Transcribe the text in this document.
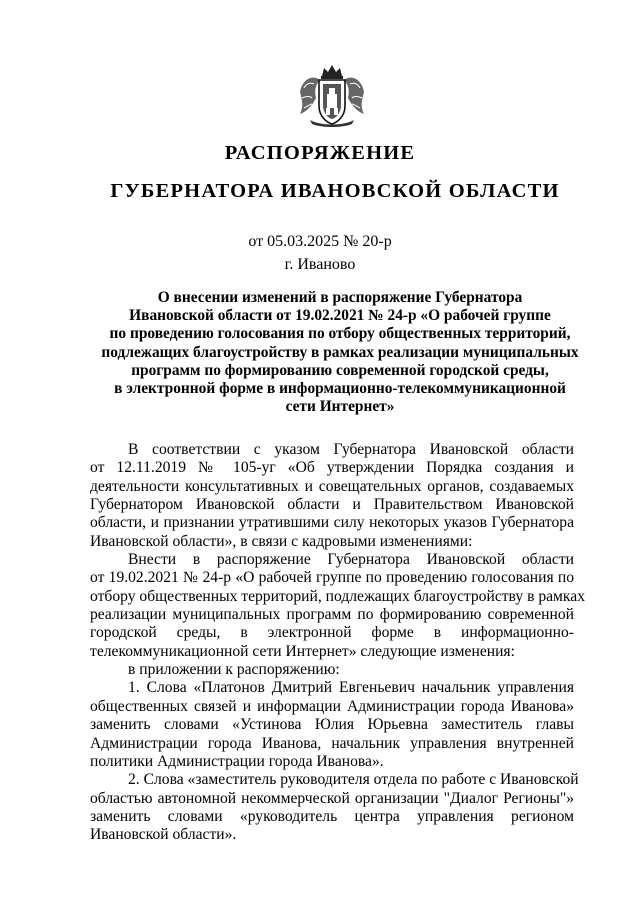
РАСПОРЯЖЕНИЕ
ГУБЕРНАТОРА ИВАНОВСКОЙ ОБЛАСТИ
от 05.03.2025 № 20-р
г. Иваново
О внесении изменений в распоряжение Губернатора
Ивановской области от 19.02.2021 № 24-р «О рабочей группе
по проведению голосования по отбору общественных территорий,
подлежащих благоустройству в рамках реализации муниципальных
программ по формированию современной городской среды,
в электронной форме в информационно-телекоммуникационной
сети Интернет»
В соответствии с указом Губернатора Ивановской области
от 12.11.2019 № 105-уг «Об утверждении Порядка создания и
деятельности консультативных и совещательных органов, создаваемых
Губернатором Ивановской области и Правительством Ивановской
области, и признании утратившими силу некоторых указов Губернатора
Ивановской области», в связи с кадровыми изменениями:
Внести в распоряжение Губернатора Ивановской области
от 19.02.2021 № 24-р «О рабочей группе по проведению голосования по
отбору общественных территорий, подлежащих благоустройству в рамках
реализации муниципальных программ по формированию современной
городской среды, в электронной форме в информационно-
телекоммуникационной сети Интернет» следующие изменения:
в приложении к распоряжению:
1. Слова «Платонов Дмитрий Евгеньевич начальник управления
общественных связей и информации Администрации города Иванова»
заменить словами «Устинова Юлия Юрьевна заместитель главы
Администрации города Иванова, начальник управления внутренней
политики Администрации города Иванова».
2. Слова «заместитель руководителя отдела по работе с Ивановской
областью автономной некоммерческой организации "Диалог Регионы"»
заменить словами «руководитель центра управления регионом
Ивановской области».
